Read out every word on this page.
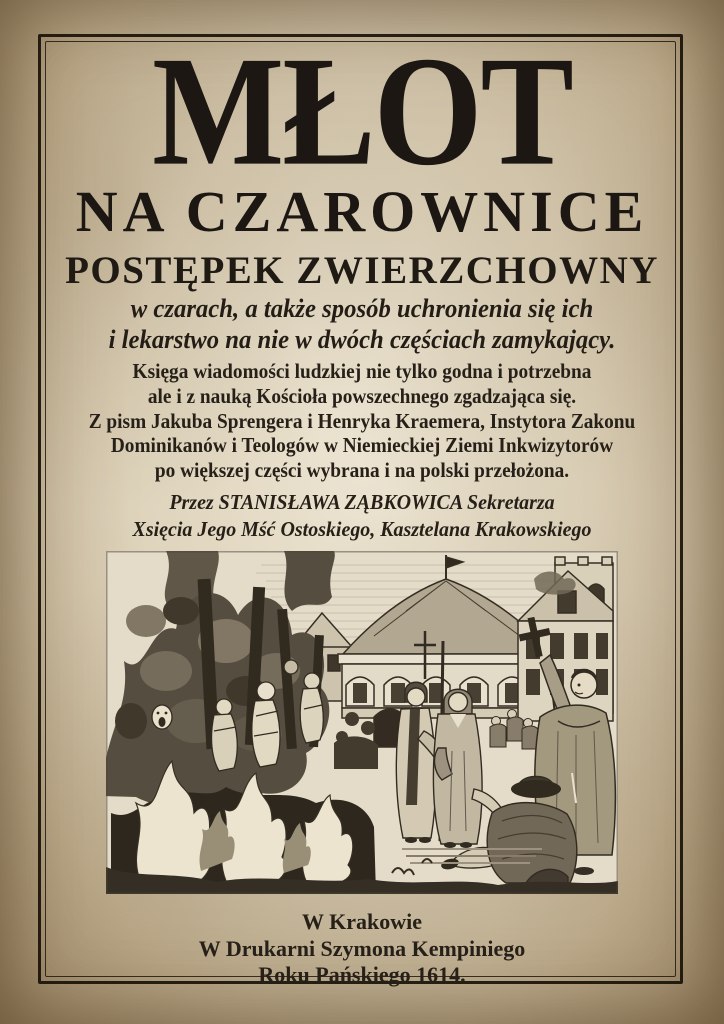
MŁOT
NA CZAROWNICE
POSTĘPEK ZWIERZCHOWNY
w czarach, a także sposób uchronienia się ich
i lekarstwo na nie w dwóch częściach zamykający.
Księga wiadomości ludzkiej nie tylko godna i potrzebna
ale i z nauką Kościoła powszechnego zgadzająca się.
Z pism Jakuba Sprengera i Henryka Kraemera, Instytora Zakonu
Dominikanów i Teologów w Niemieckiej Ziemi Inkwizytorów
po większej części wybrana i na polski przełożona.
Przez STANISŁAWA ZĄBKOWICA Sekretarza
Xsięcia Jego Mść Ostoskiego, Kasztelana Krakowskiego
W Krakowie
W Drukarni Szymona Kempiniego
Roku Pańskiego 1614.
